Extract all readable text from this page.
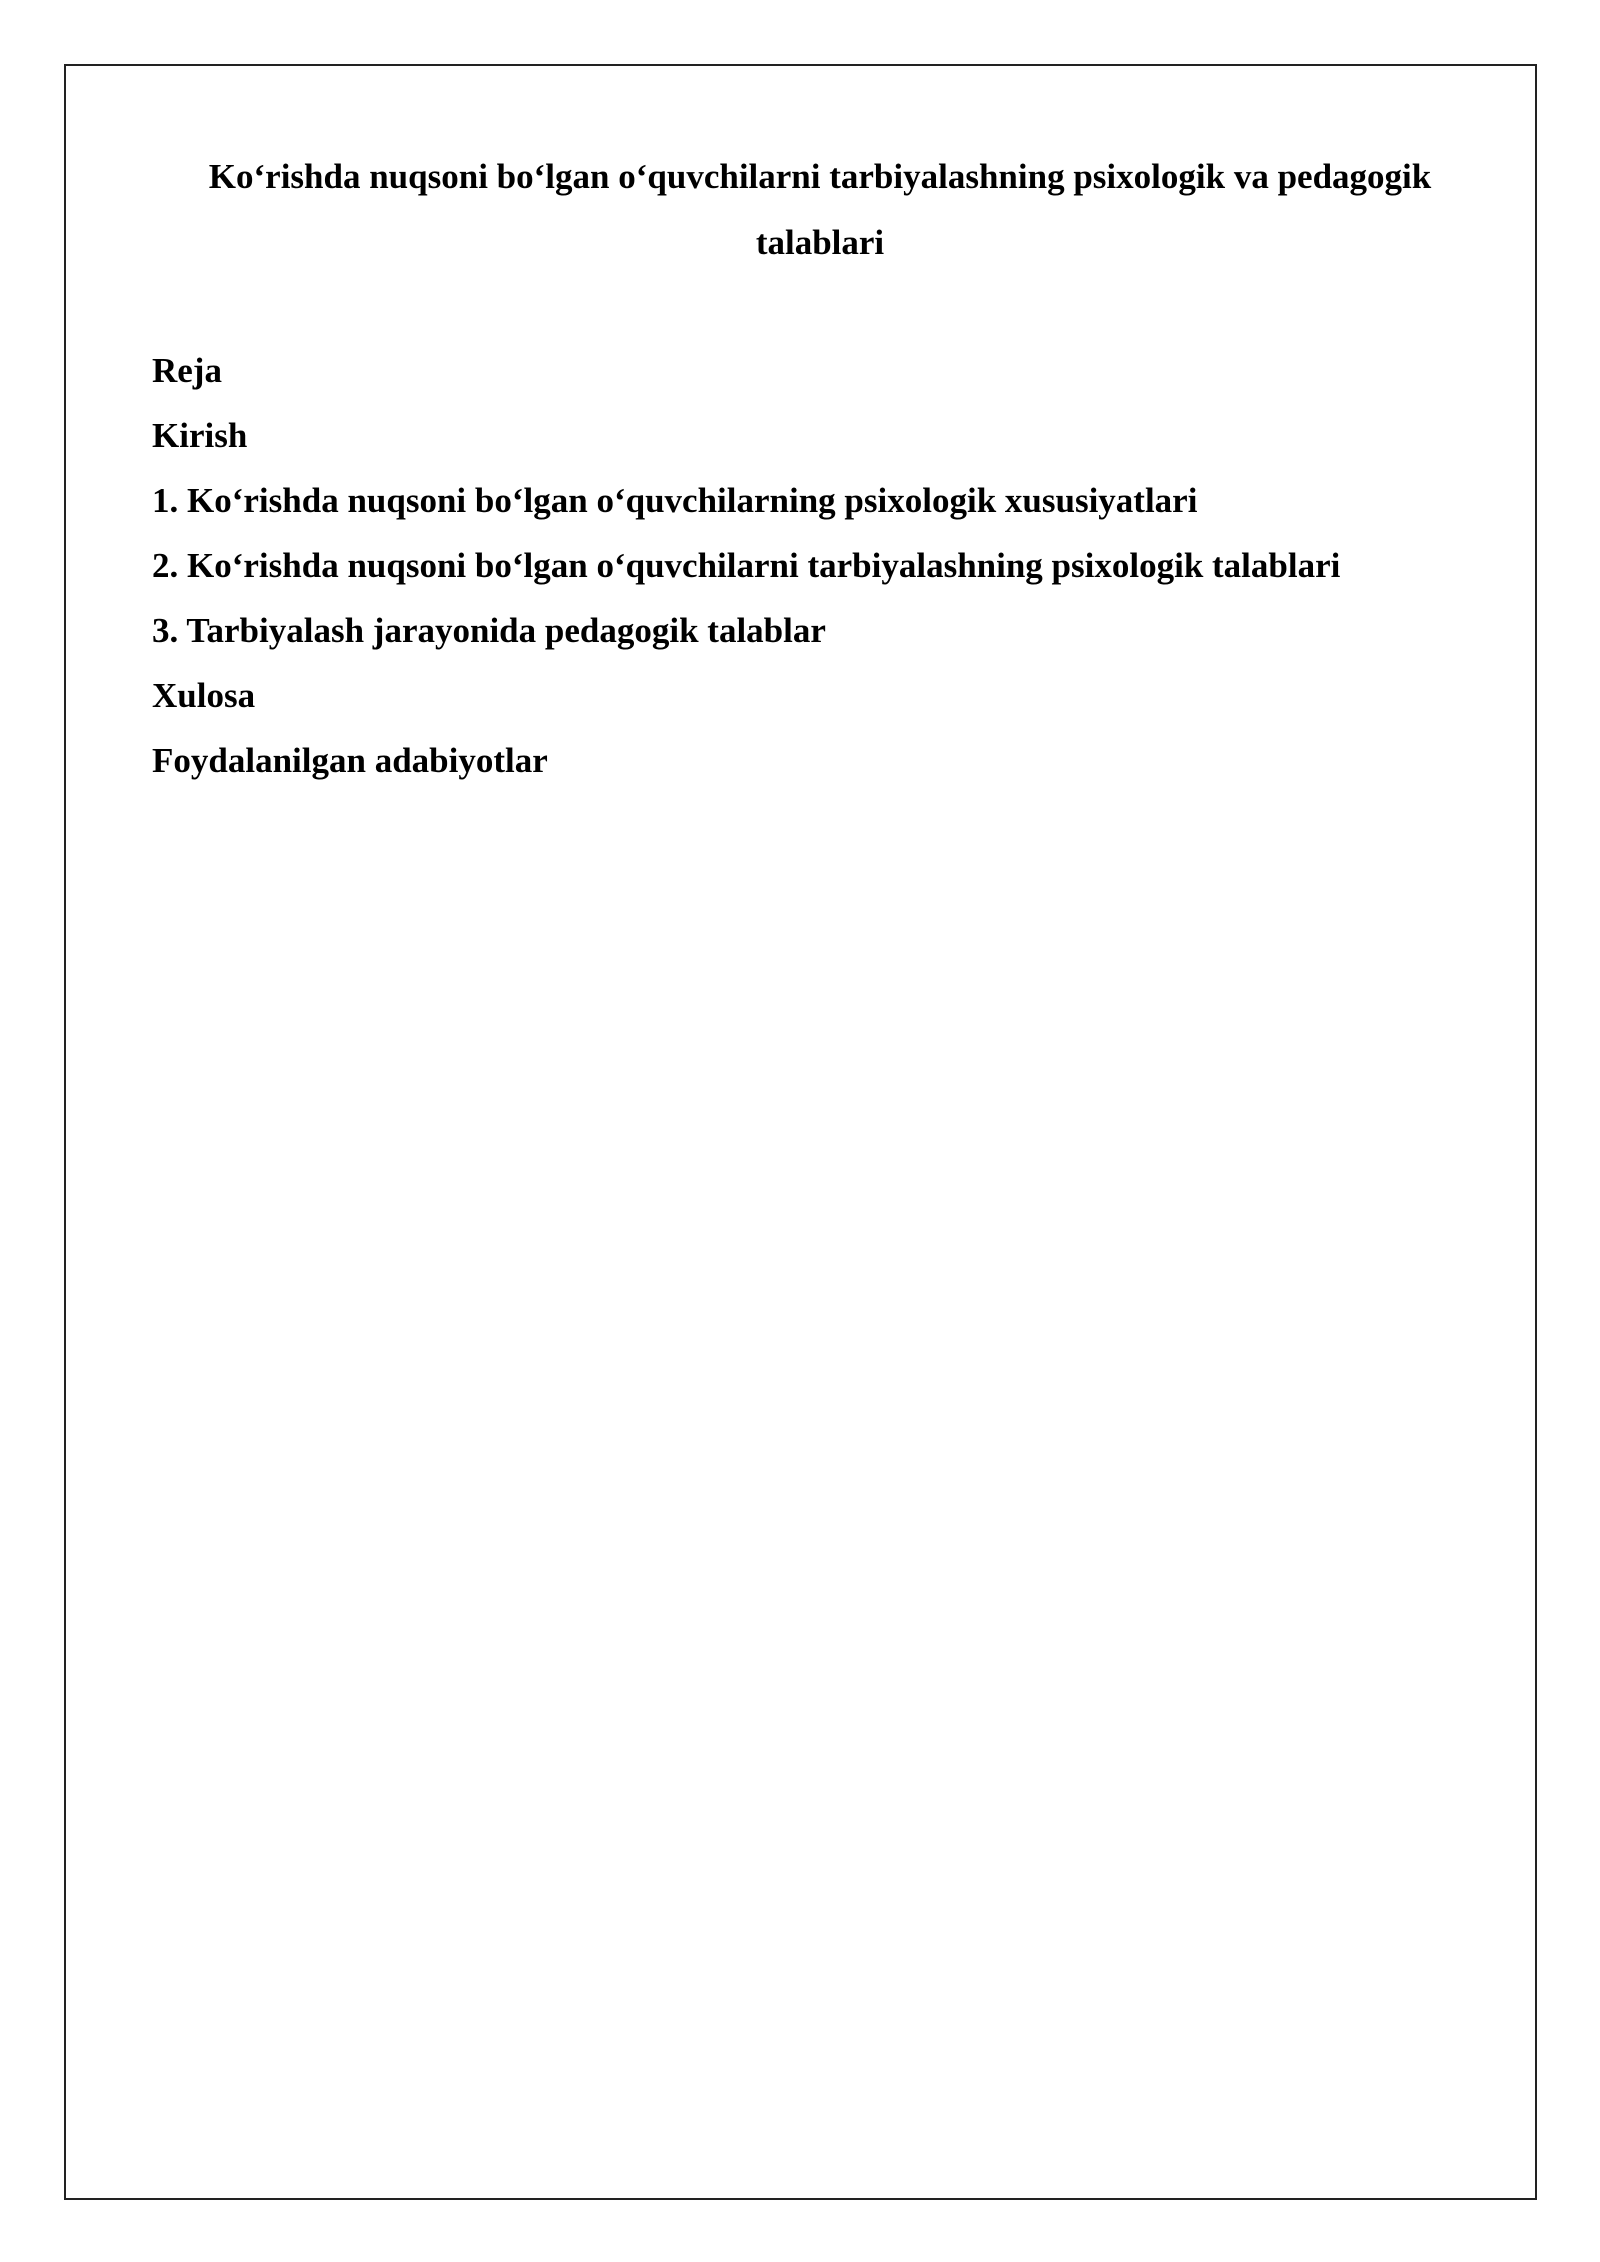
Koʻrishda nuqsoni boʻlgan oʻquvchilarni tarbiyalashning psixologik va pedagogik talablari
Reja
Kirish
1. Koʻrishda nuqsoni boʻlgan oʻquvchilarning psixologik xususiyatlari
2. Koʻrishda nuqsoni boʻlgan oʻquvchilarni tarbiyalashning psixologik talablari
3. Tarbiyalash jarayonida pedagogik talablar
Xulosa
Foydalanilgan adabiyotlar
